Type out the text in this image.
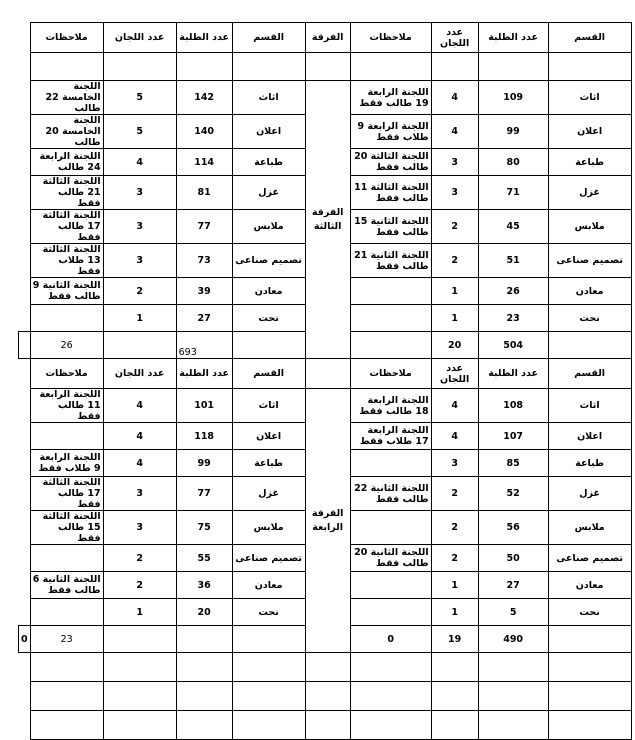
القسم	عدد الطلبة	عدد اللجان	ملاحظات	الفرقة	القسم	عدد الطلبة	عدد اللجان	ملاحظات	

اثاث	109	4	اللجنة الرابعة 19 طالب فقط	الفرقة الثالثة	اثاث	142	5	اللجنة الخامسة 22 طالب	
اعلان	99	4	اللجنة الرابعة 9 طلاب فقط		اعلان	140	5	اللجنة الخامسة 20 طالب	
طباعة	80	3	اللجنة الثالثة 20 طالب فقط		طباعة	114	4	اللجنة الرابعة 24 طالب	
غزل	71	3	اللجنة الثالثة 11 طالب فقط		غزل	81	3	اللجنة الثالثة 21 طالب فقط	
ملابس	45	2	اللجنة الثانية 15 طالب فقط		ملابس	77	3	اللجنة الثالثة 17 طالب فقط	
تصميم صناعى	51	2	اللجنة الثانية 21 طالب فقط		تصميم صناعى	73	3	اللجنة الثالثة 13 طلاب فقط	
معادن	26	1			معادن	39	2	اللجنة الثانية 9 طالب فقط	
نحت	23	1			نحت	27	1		
	504	20				693		26	
القسم	عدد الطلبة	عدد اللجان	ملاحظات		القسم	عدد الطلبة	عدد اللجان	ملاحظات	
اثاث	108	4	اللجنة الرابعة 18 طالب فقط	الفرقة الرابعة	اثاث	101	4	اللجنة الرابعة 11 طالب فقط	
اعلان	107	4	اللجنة الرابعة 17 طلاب فقط		اعلان	118	4		
طباعة	85	3			طباعة	99	4	اللجنة الرابعة 9 طلاب فقط	
غزل	52	2	اللجنة الثانية 22 طالب فقط		غزل	77	3	اللجنة الثالثة 17 طالب فقط	
ملابس	56	2			ملابس	75	3	اللجنة الثالثة 15 طالب فقط	
تصميم صناعى	50	2	اللجنة الثانية 20 طالب فقط		تصميم صناعى	55	2		
معادن	27	1			معادن	36	2	اللجنة الثانية 6 طالب فقط	
نحت	5	1			نحت	20	1		
	490	19	0					23	0
